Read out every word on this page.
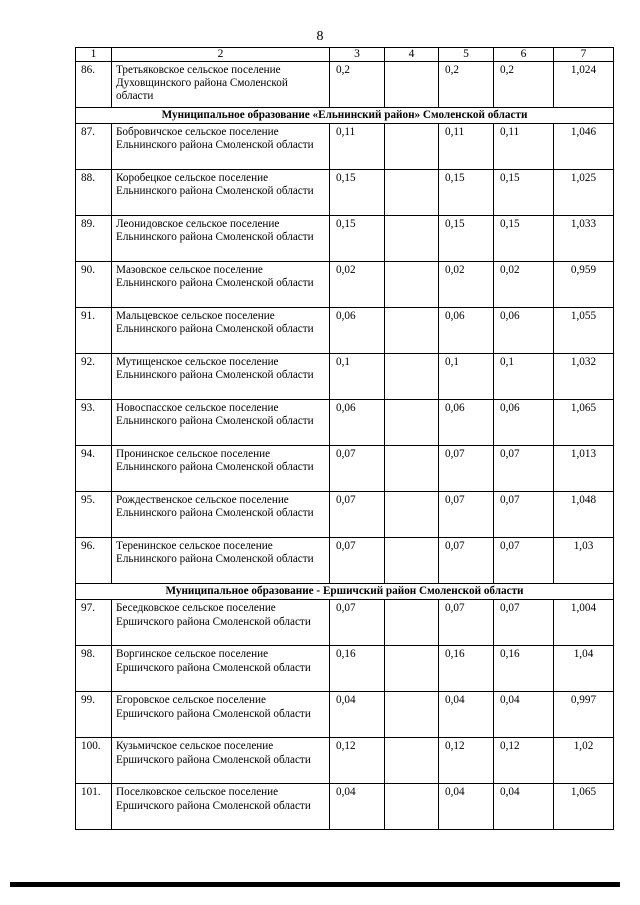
8
1	2	3	4	5	6	7
86.	Третьяковское сельское поселение Духовщинского района Смоленской области	0,2		0,2	0,2	1,024
Муниципальное образование «Ельнинский район» Смоленской области						
87.	Бобровичское сельское поселение Ельнинского района Смоленской области	0,11		0,11	0,11	1,046
88.	Коробецкое сельское поселение Ельнинского района Смоленской области	0,15		0,15	0,15	1,025
89.	Леонидовское сельское поселение Ельнинского района Смоленской области	0,15		0,15	0,15	1,033
90.	Мазовское сельское поселение Ельнинского района Смоленской области	0,02		0,02	0,02	0,959
91.	Мальцевское сельское поселение Ельнинского района Смоленской области	0,06		0,06	0,06	1,055
92.	Мутищенское сельское поселение Ельнинского района Смоленской области	0,1		0,1	0,1	1,032
93.	Новоспасское сельское поселение Ельнинского района Смоленской области	0,06		0,06	0,06	1,065
94.	Пронинское сельское поселение Ельнинского района Смоленской области	0,07		0,07	0,07	1,013
95.	Рождественское сельское поселение Ельнинского района Смоленской области	0,07		0,07	0,07	1,048
96.	Теренинское сельское поселение Ельнинского района Смоленской области	0,07		0,07	0,07	1,03
Муниципальное образование - Ершичский район Смоленской области						
97.	Беседковское сельское поселение Ершичского района Смоленской области	0,07		0,07	0,07	1,004
98.	Воргинское сельское поселение Ершичского района Смоленской области	0,16		0,16	0,16	1,04
99.	Егоровское сельское поселение Ершичского района Смоленской области	0,04		0,04	0,04	0,997
100.	Кузьмичское сельское поселение Ершичского района Смоленской области	0,12		0,12	0,12	1,02
101.	Поселковское сельское поселение Ершичского района Смоленской области	0,04		0,04	0,04	1,065
